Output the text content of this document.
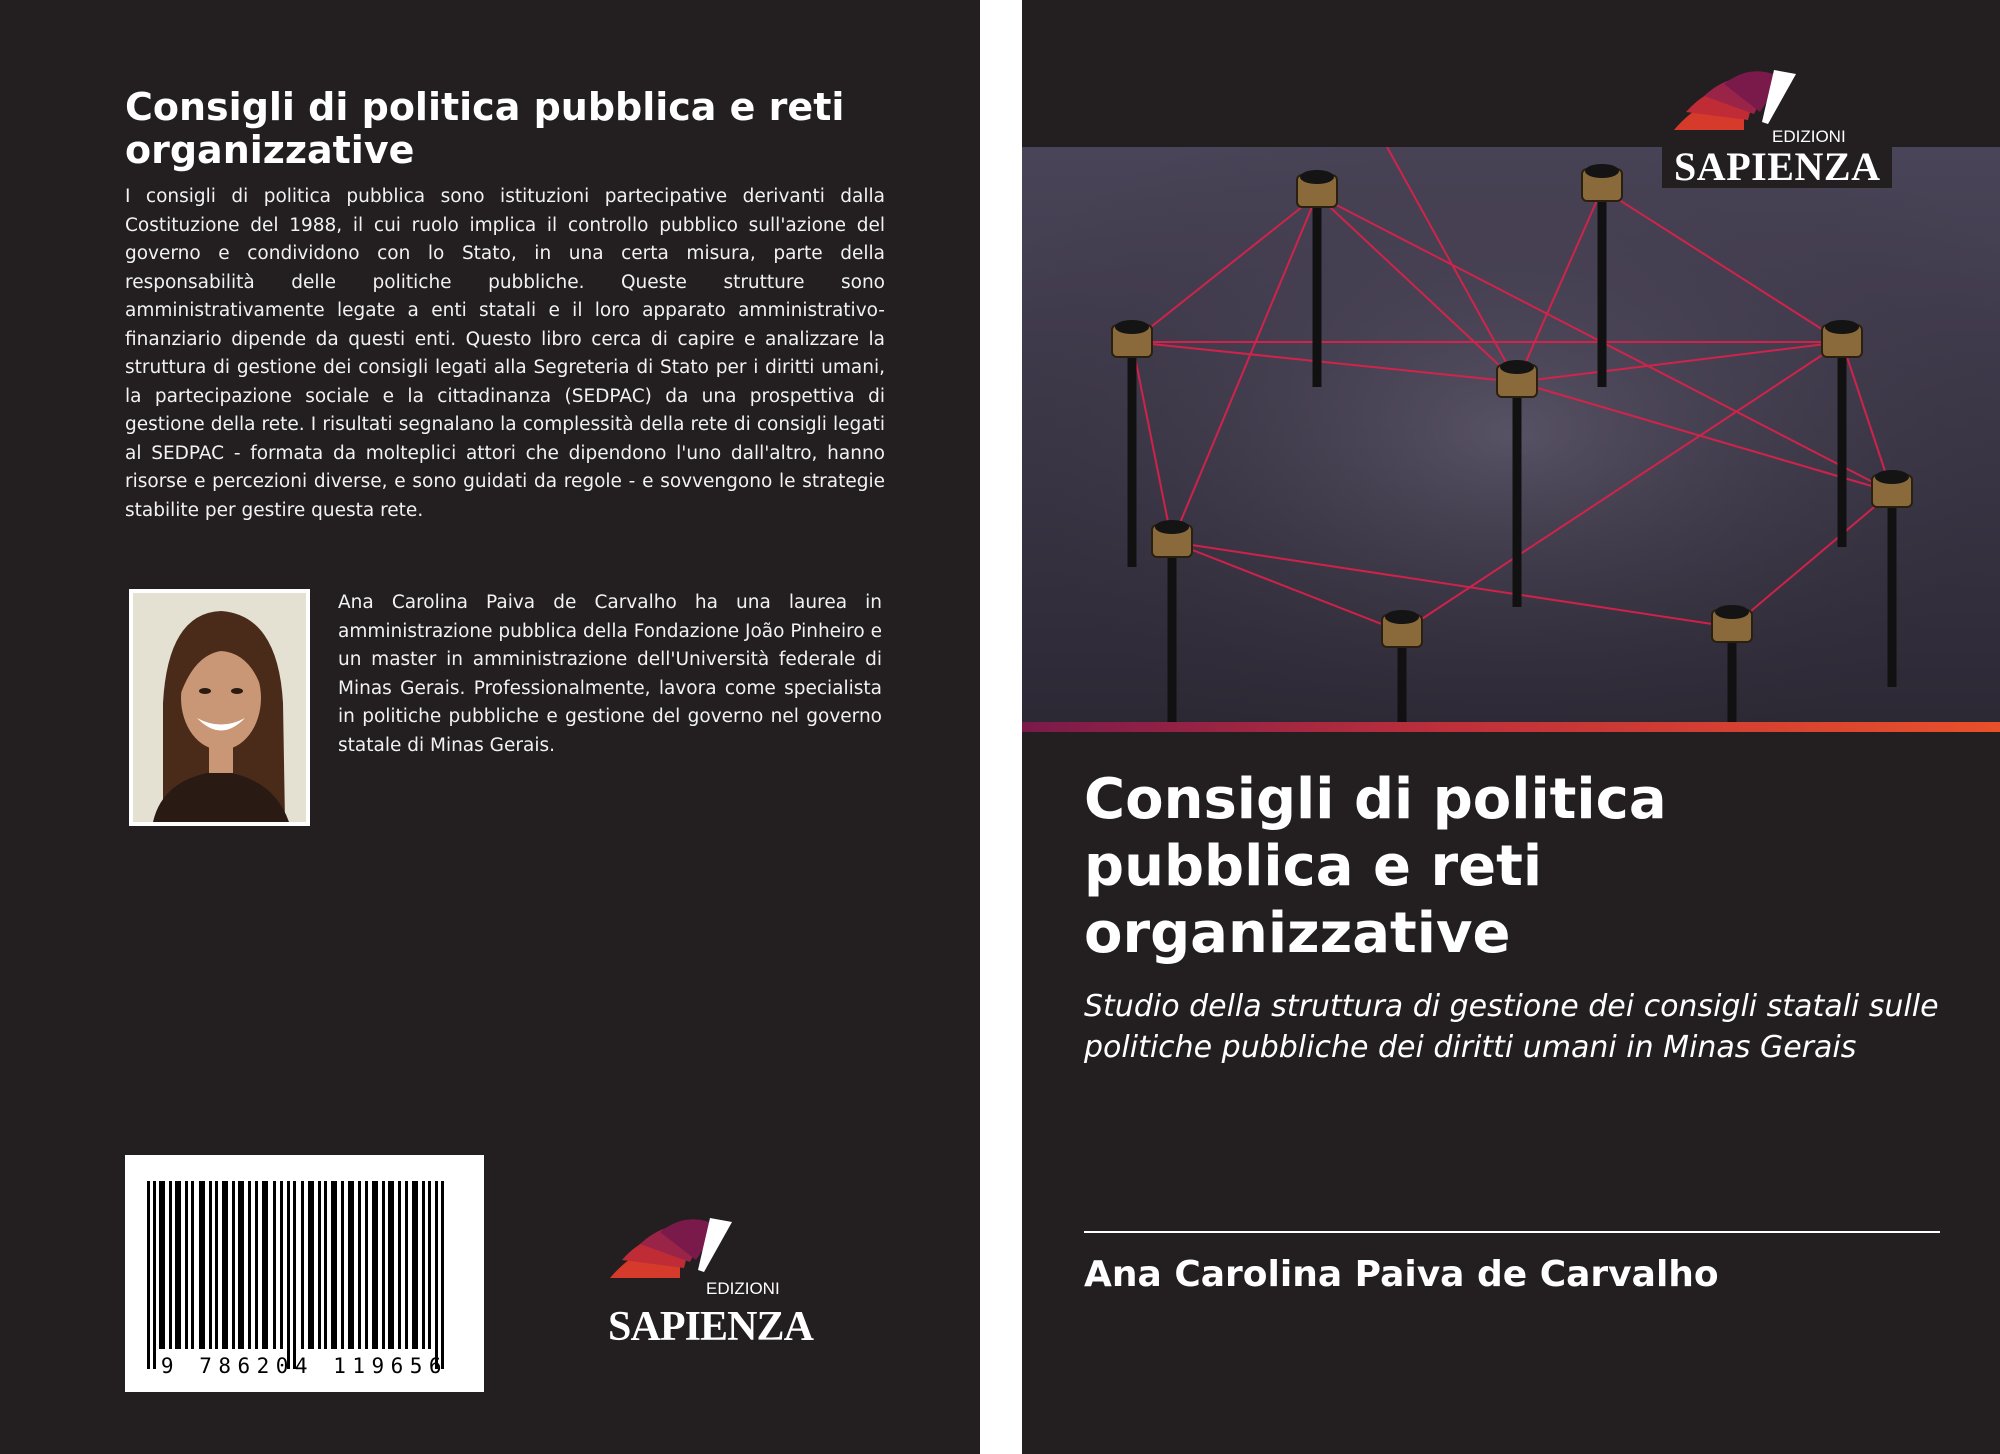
Consigli di politica pubblica e reti organizzative
I consigli di politica pubblica sono istituzioni partecipative derivanti dalla Costituzione del 1988, il cui ruolo implica il controllo pubblico sull'azione del governo e condividono con lo Stato, in una certa misura, parte della responsabilità delle politiche pubbliche. Queste strutture sono amministrativamente legate a enti statali e il loro apparato amministrativo-finanziario dipende da questi enti. Questo libro cerca di capire e analizzare la struttura di gestione dei consigli legati alla Segreteria di Stato per i diritti umani, la partecipazione sociale e la cittadinanza (SEDPAC) da una prospettiva di gestione della rete. I risultati segnalano la complessità della rete di consigli legati al SEDPAC - formata da molteplici attori che dipendono l'uno dall'altro, hanno risorse e percezioni diverse, e sono guidati da regole - e sovvengono le strategie stabilite per gestire questa rete.
Ana Carolina Paiva de Carvalho ha una laurea in amministrazione pubblica della Fondazione João Pinheiro e un master in amministrazione dell'Università federale di Minas Gerais. Professionalmente, lavora come specialista in politiche pubbliche e gestione del governo nel governo statale di Minas Gerais.
9 786204 119656
EDIZIONI
SAPIENZA
EDIZIONI
SAPIENZA
Consigli di politica pubblica e reti organizzative
Studio della struttura di gestione dei consigli statali sulle politiche pubbliche dei diritti umani in Minas Gerais
Ana Carolina Paiva de Carvalho
